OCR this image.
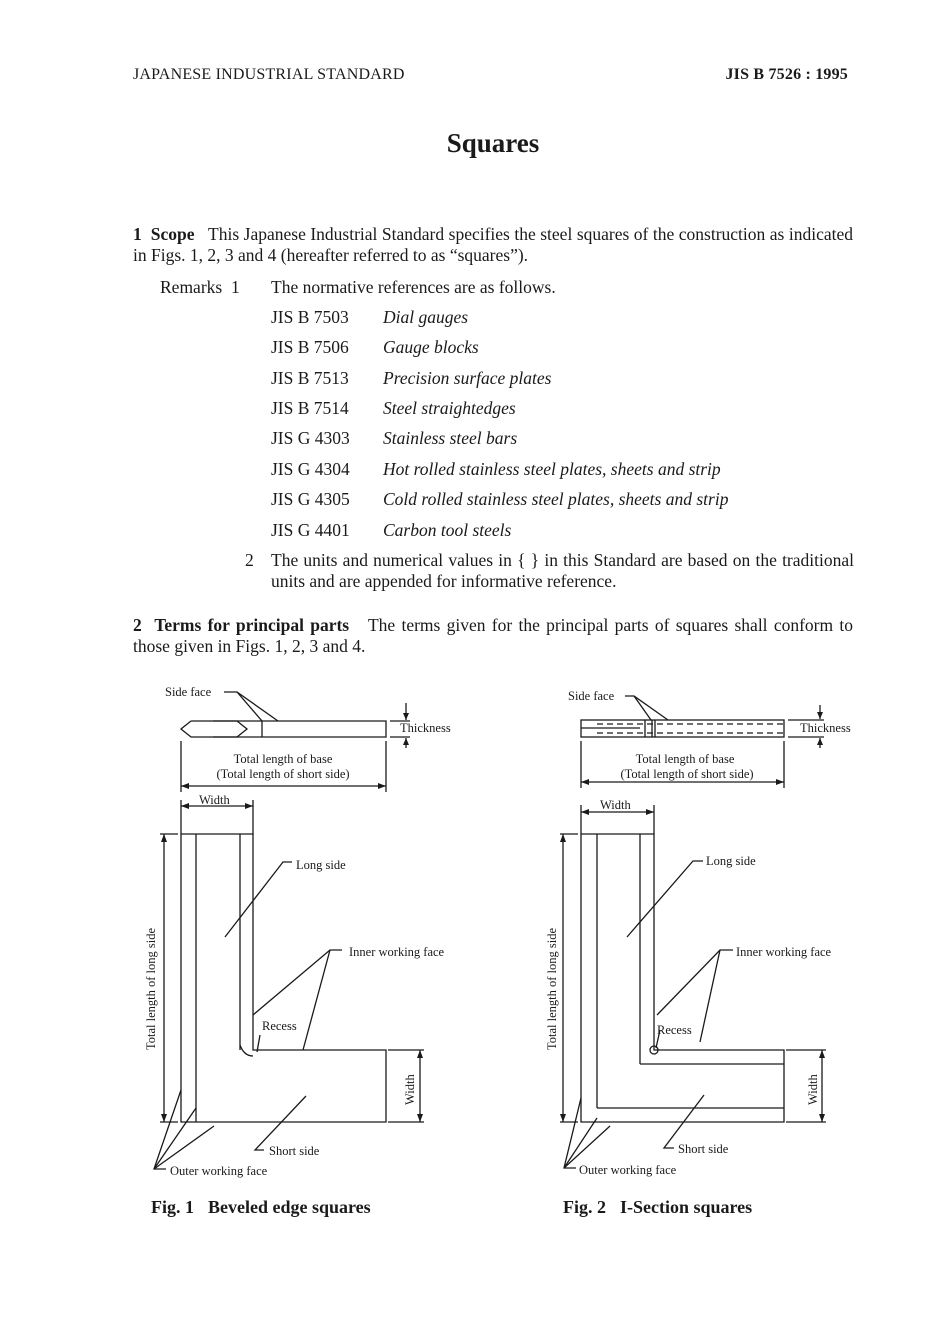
JAPANESE INDUSTRIAL STANDARD	JIS B 7526 : 1995
Squares
1 Scope This Japanese Industrial Standard specifies the steel squares of the construction as indicated in Figs. 1, 2, 3 and 4 (hereafter referred to as “squares”).
Remarks 1 The normative references are as follows.
JIS B 7503 Dial gauges
JIS B 7506 Gauge blocks
JIS B 7513 Precision surface plates
JIS B 7514 Steel straightedges
JIS G 4303 Stainless steel bars
JIS G 4304 Hot rolled stainless steel plates, sheets and strip
JIS G 4305 Cold rolled stainless steel plates, sheets and strip
JIS G 4401 Carbon tool steels
2 The units and numerical values in { } in this Standard are based on the traditional units and are appended for informative reference.
2 Terms for principal parts The terms given for the principal parts of squares shall conform to those given in Figs. 1, 2, 3 and 4.
Side face
Thickness
Total length of base
(Total length of short side)
Width
Long side
Inner working face
Recess
Short side
Outer working face
Total length of long side
Width
Side face
Thickness
Total length of base
(Total length of short side)
Width
Long side
Inner working face
Recess
Short side
Outer working face
Total length of long side
Width
Fig. 1 Beveled edge squares	Fig. 2 I-Section squares
